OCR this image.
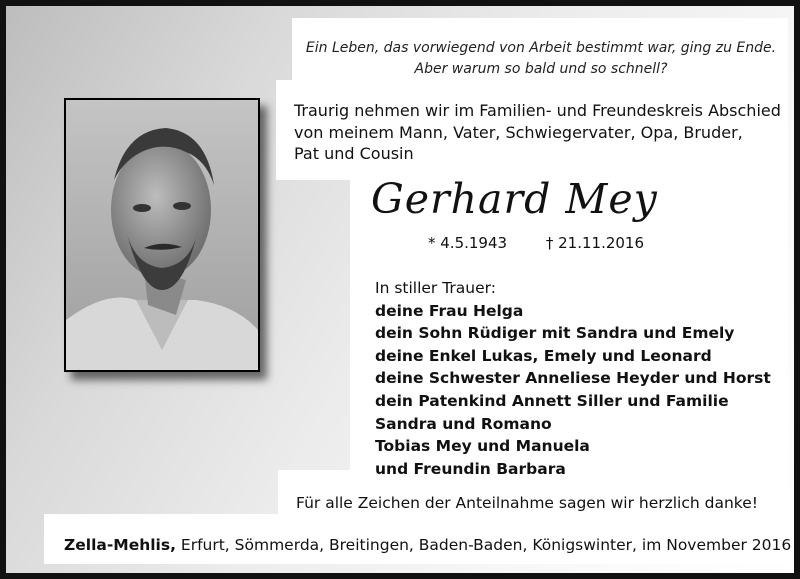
Ein Leben, das vorwiegend von Arbeit bestimmt war, ging zu Ende.
Aber warum so bald und so schnell?
Traurig nehmen wir im Familien- und Freundeskreis Abschied
von meinem Mann, Vater, Schwiegervater, Opa, Bruder,
Pat und Cousin
Gerhard Mey
* 4.5.1943	† 21.11.2016
In stiller Trauer:
deine Frau Helga
dein Sohn Rüdiger mit Sandra und Emely
deine Enkel Lukas, Emely und Leonard
deine Schwester Anneliese Heyder und Horst
dein Patenkind Annett Siller und Familie
Sandra und Romano
Tobias Mey und Manuela
und Freundin Barbara
Für alle Zeichen der Anteilnahme sagen wir herzlich danke!
Zella-Mehlis, Erfurt, Sömmerda, Breitingen, Baden-Baden, Königswinter, im November 2016
